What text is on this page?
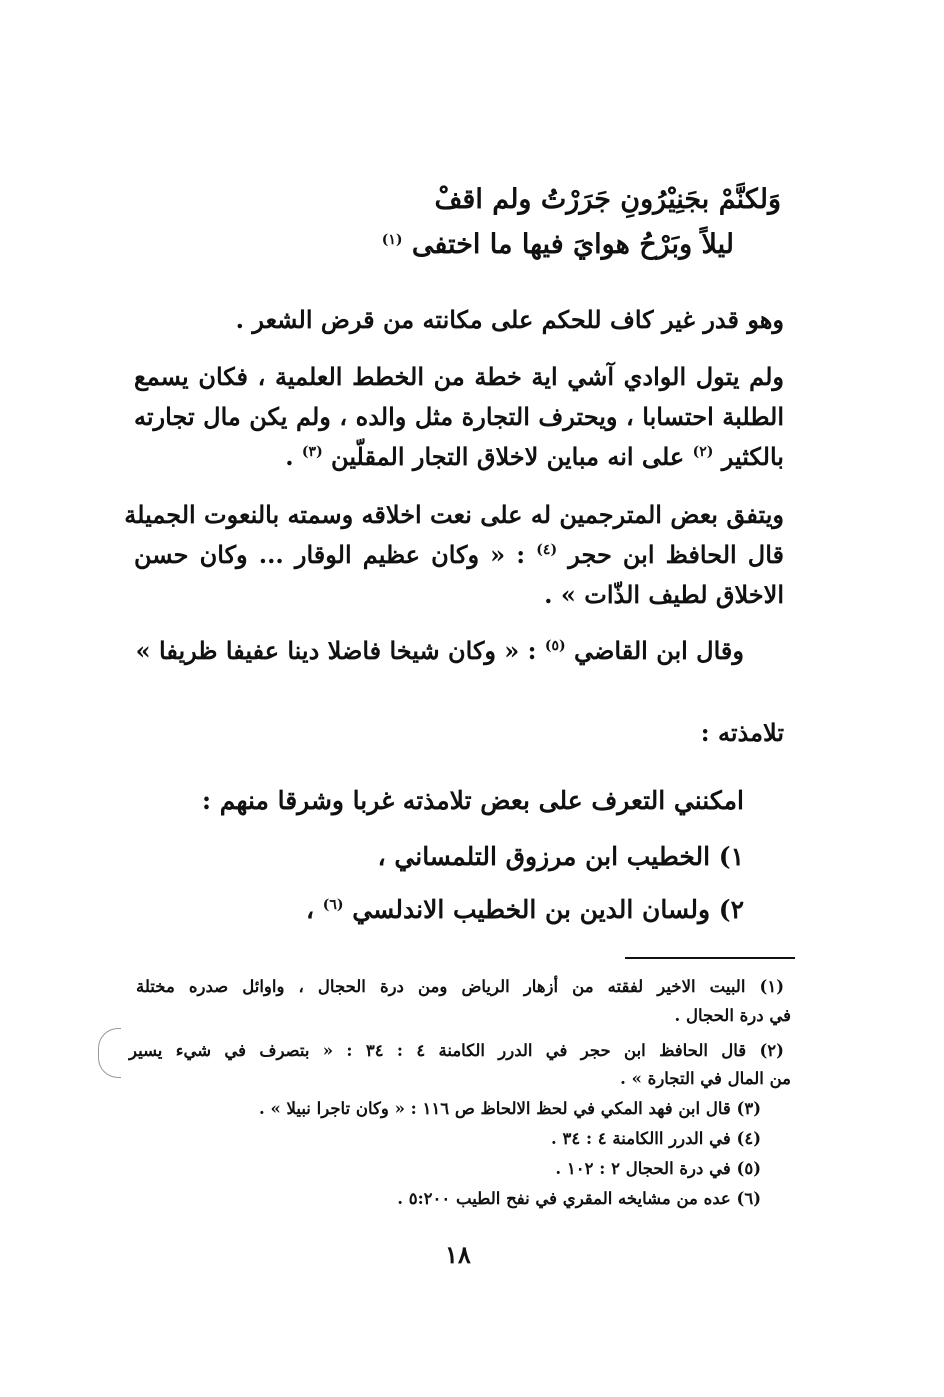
وَلكنَّمْ بجَنِيْرُونِ جَرَرْتُ ولم اقفْ
ليلاً وبَرْحُ هوايَ فيها ما اختفى $^{(١)}$
وهو قدر غير كاف للحكم على مكانته من قرض الشعر .
ولم يتول الوادي آشي اية خطة من الخطط العلمية ، فكان يسمع
الطلبة احتسابا ، ويحترف التجارة مثل والده ، ولم يكن مال تجارته
بالكثير $^{(٢)}$ على انه مباين لاخلاق التجار المقلّين $^{(٣)}$ .
ويتفق بعض المترجمين له على نعت اخلاقه وسمته بالنعوت الجميلة
قال الحافظ ابن حجر $^{(٤)}$ : « وكان عظيم الوقار ... وكان حسن
الاخلاق لطيف الذّات » .
وقال ابن القاضي $^{(٥)}$ : « وكان شيخا فاضلا دينا عفيفا ظريفا »
تلامذته :
امكنني التعرف على بعض تلامذته غربا وشرقا منهم :
١) الخطيب ابن مرزوق التلمساني ،
٢) ولسان الدين بن الخطيب الاندلسي $^{(٦)}$ ،
(١) البيت الاخير لفقته من أزهار الرياض ومن درة الحجال ، واوائل صدره مختلة
في درة الحجال .
(٢) قال الحافظ ابن حجر في الدرر الكامنة ٤ : ٣٤ : « بتصرف في شيء يسير
من المال في التجارة » .
(٣) قال ابن فهد المكي في لحظ الالحاظ ص ١١٦ : « وكان تاجرا نبيلا » .
(٤) في الدرر االكامنة ٤ : ٣٤ .
(٥) في درة الحجال ٢ : ١٠٢ .
(٦) عده من مشايخه المقري في نفح الطيب ٥:٢٠٠ .
١٨
